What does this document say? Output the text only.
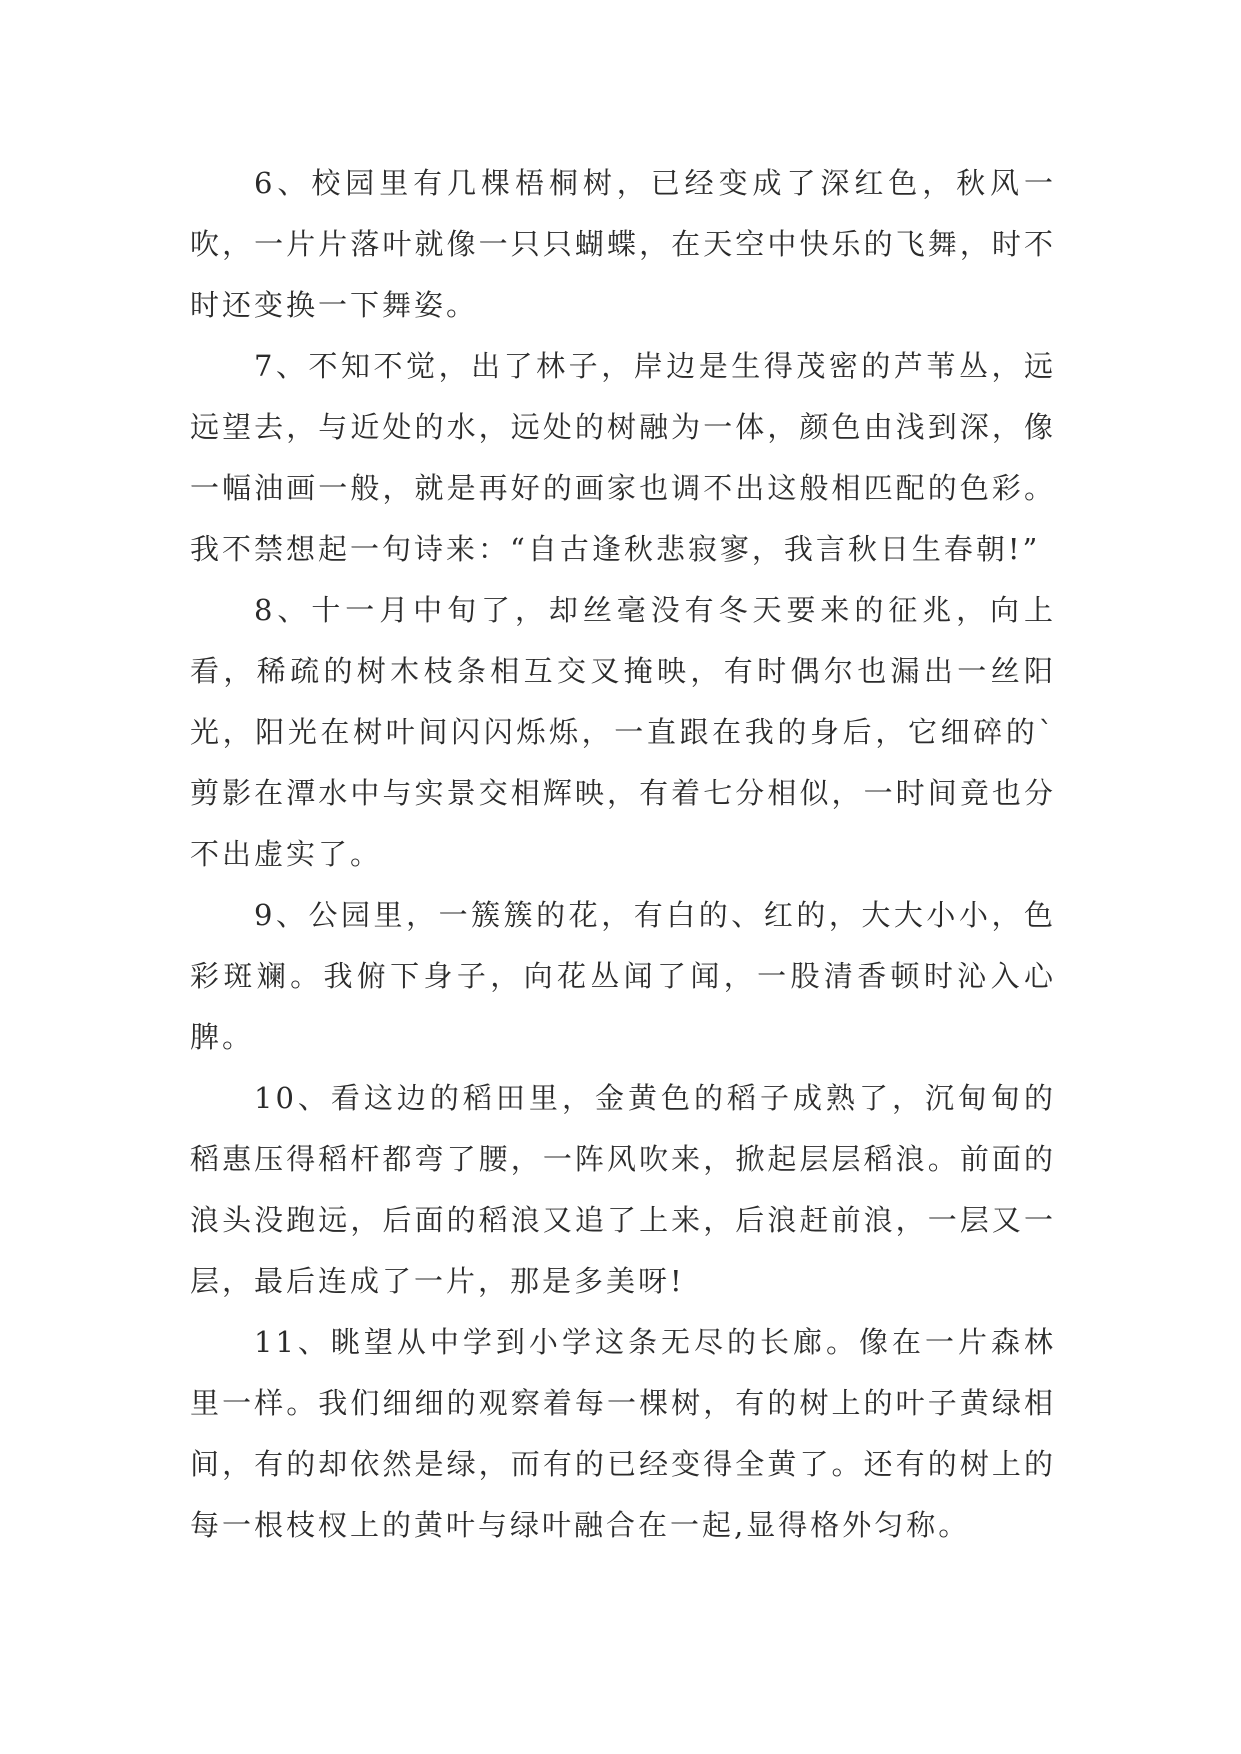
6、校园里有几棵梧桐树，已经变成了深红色，秋风一吹，一片片落叶就像一只只蝴蝶，在天空中快乐的飞舞，时不时还变换一下舞姿。

7、不知不觉，出了林子，岸边是生得茂密的芦苇丛，远远望去，与近处的水，远处的树融为一体，颜色由浅到深，像一幅油画一般，就是再好的画家也调不出这般相匹配的色彩。我不禁想起一句诗来：“自古逢秋悲寂寥，我言秋日生春朝!”

8、十一月中旬了，却丝毫没有冬天要来的征兆，向上看，稀疏的树木枝条相互交叉掩映，有时偶尔也漏出一丝阳光，阳光在树叶间闪闪烁烁，一直跟在我的身后，它细碎的`剪影在潭水中与实景交相辉映，有着七分相似，一时间竟也分不出虚实了。

9、公园里，一簇簇的花，有白的、红的，大大小小，色彩斑斓。我俯下身子，向花丛闻了闻，一股清香顿时沁入心脾。

10、看这边的稻田里，金黄色的稻子成熟了，沉甸甸的稻惠压得稻杆都弯了腰，一阵风吹来，掀起层层稻浪。前面的浪头没跑远，后面的稻浪又追了上来，后浪赶前浪，一层又一层，最后连成了一片，那是多美呀!

11、眺望从中学到小学这条无尽的长廊。像在一片森林里一样。我们细细的观察着每一棵树，有的树上的叶子黄绿相间，有的却依然是绿，而有的已经变得全黄了。还有的树上的每一根枝杈上的黄叶与绿叶融合在一起,显得格外匀称。
